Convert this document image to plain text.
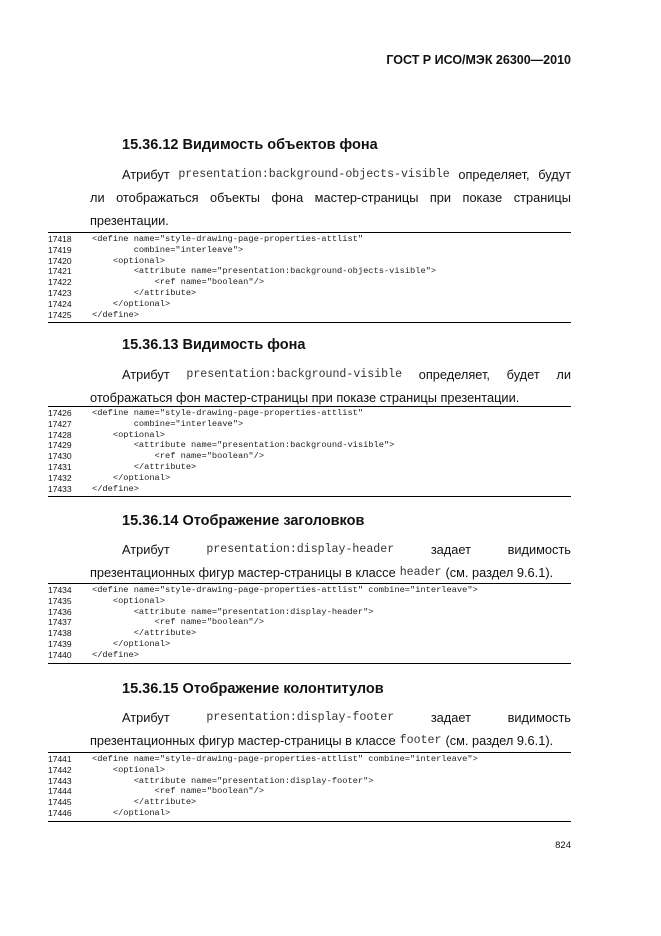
ГОСТ Р ИСО/МЭК 26300—2010
15.36.12 Видимость объектов фона
Атрибут presentation:background-objects-visible определяет, будут
ли отображаться объекты фона мастер-страницы при показе страницы
презентации.
17418	<define name="style-drawing-page-properties-attlist"
17419	combine="interleave">
17420	<optional>
17421	<attribute name="presentation:background-objects-visible">
17422	<ref name="boolean"/>
17423	</attribute>
17424	</optional>
17425	</define>
15.36.13 Видимость фона
Атрибут presentation:background-visible определяет, будет ли
отображаться фон мастер-страницы при показе страницы презентации.
17426	<define name="style-drawing-page-properties-attlist"
17427	combine="interleave">
17428	<optional>
17429	<attribute name="presentation:background-visible">
17430	<ref name="boolean"/>
17431	</attribute>
17432	</optional>
17433	</define>
15.36.14 Отображение заголовков
Атрибут	presentation:display-header	задает	видимость
презентационных фигур мастер-страницы в классе header (см. раздел 9.6.1).
17434	<define name="style-drawing-page-properties-attlist" combine="interleave">
17435	<optional>
17436	<attribute name="presentation:display-header">
17437	<ref name="boolean"/>
17438	</attribute>
17439	</optional>
17440	</define>
15.36.15 Отображение колонтитулов
Атрибут	presentation:display-footer	задает	видимость
презентационных фигур мастер-страницы в классе footer (см. раздел 9.6.1).
17441	<define name="style-drawing-page-properties-attlist" combine="interleave">
17442	<optional>
17443	<attribute name="presentation:display-footer">
17444	<ref name="boolean"/>
17445	</attribute>
17446	</optional>
824
